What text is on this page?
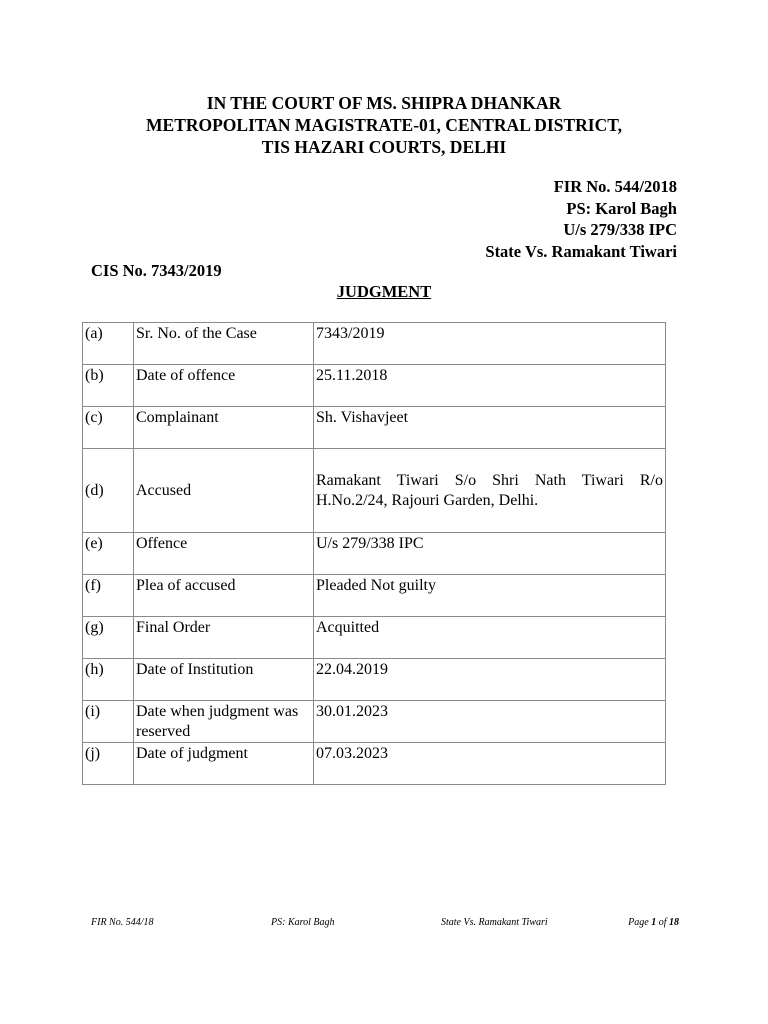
IN THE COURT OF MS. SHIPRA DHANKAR
METROPOLITAN MAGISTRATE-01, CENTRAL DISTRICT,
TIS HAZARI COURTS, DELHI
FIR No. 544/2018
PS: Karol Bagh
U/s 279/338 IPC
State Vs. Ramakant Tiwari
CIS No. 7343/2019
JUDGMENT
(a)	Sr. No. of the Case	7343/2019
(b)	Date of offence	25.11.2018
(c)	Complainant	Sh. Vishavjeet
(d)	Accused	Ramakant Tiwari S/o Shri Nath Tiwari R/o H.No.2/24, Rajouri Garden, Delhi.
(e)	Offence	U/s 279/338 IPC
(f)	Plea of accused	Pleaded Not guilty
(g)	Final Order	Acquitted
(h)	Date of Institution	22.04.2019
(i)	Date when judgment was reserved	30.01.2023
(j)	Date of judgment	07.03.2023
FIR No. 544/18	PS: Karol Bagh	State Vs. Ramakant Tiwari	Page 1 of 18
